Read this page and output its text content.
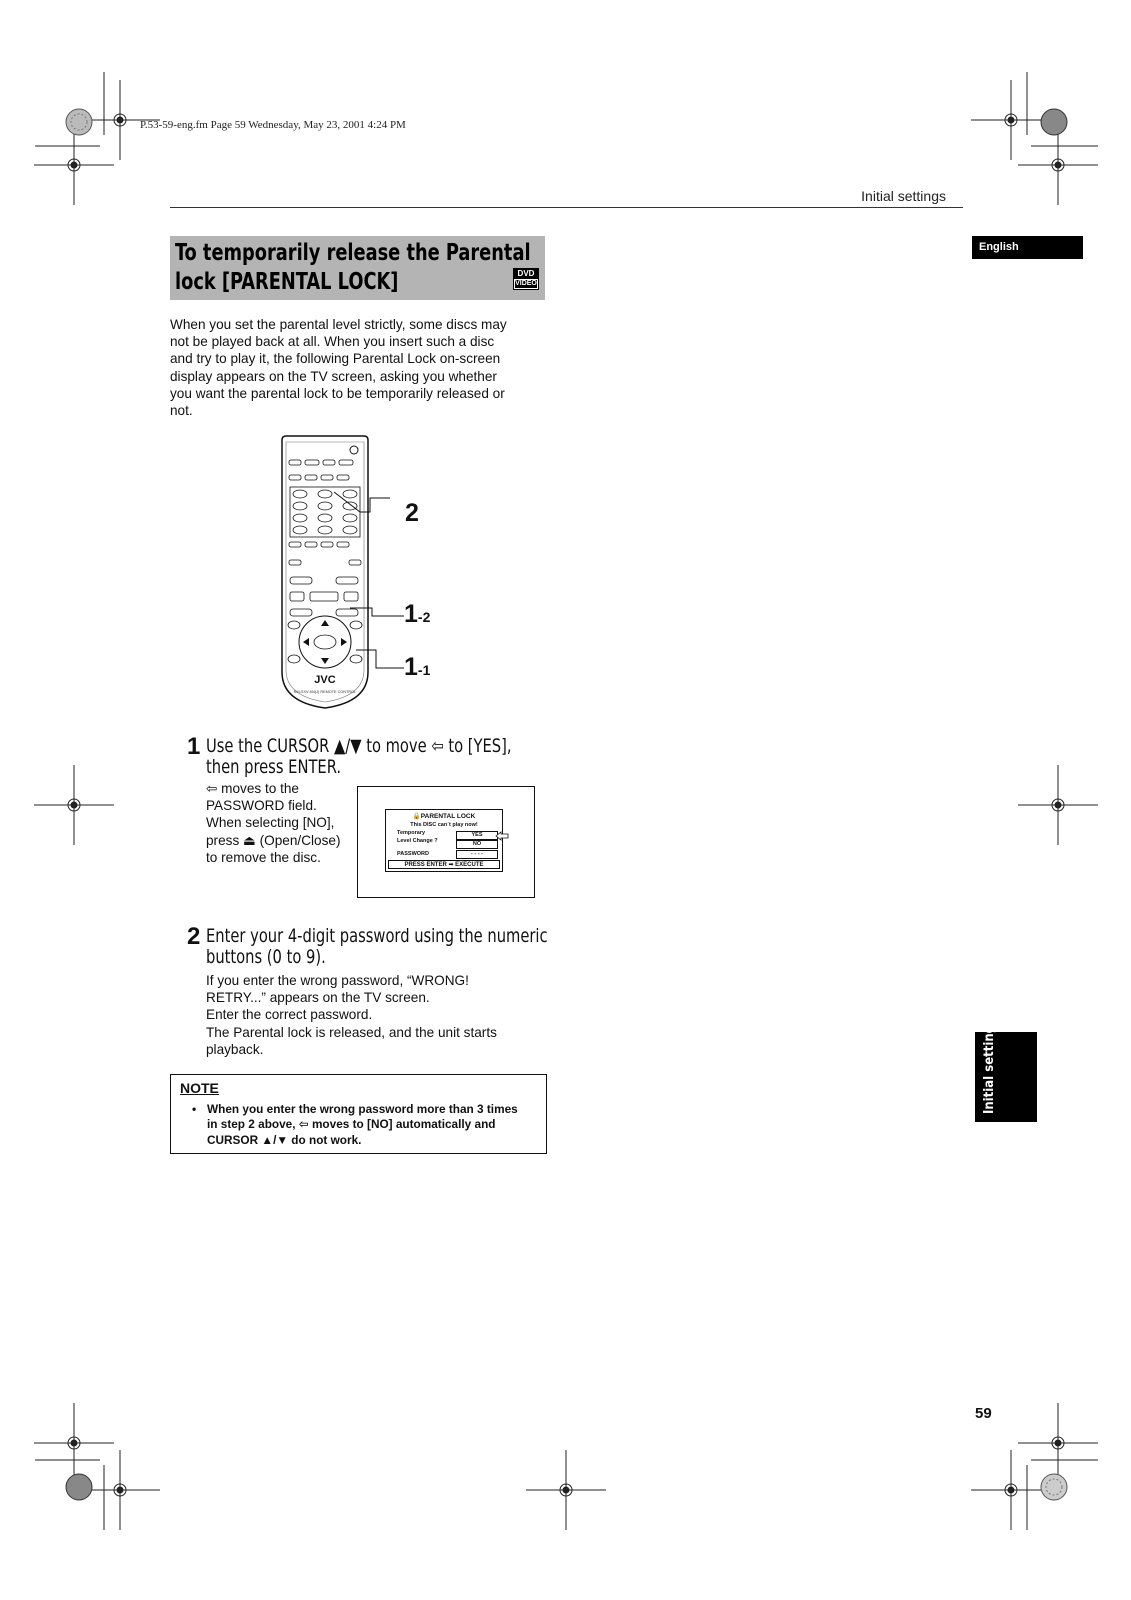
P.53-59-eng.fm Page 59 Wednesday, May 23, 2001 4:24 PM
Initial settings
English
To temporarily release the Parental
lock [PARENTAL LOCK]	DVD
VIDEO
When you set the parental level strictly, some discs may
not be played back at all. When you insert such a disc
and try to play it, the following Parental Lock on-screen
display appears on the TV screen, asking you whether
you want the parental lock to be temporarily released or
not.
JVC
RM-SXV-M4(J) REMOTE CONTROL
2
1-2
1-1
1 Use the CURSOR ▲/▼ to move ⇦ to [YES],
then press ENTER.
⇦ moves to the
PASSWORD field.
When selecting [NO],
press ⏏ (Open/Close)
to remove the disc.
🔒PARENTAL LOCK
This DISC can`t play now!
Temporary
Level Change ?
YES
NO
PASSWORD	- - - -
PRESS ENTER ➡ EXECUTE
2 Enter your 4-digit password using the numeric
buttons (0 to 9).
If you enter the wrong password, “WRONG!
RETRY...” appears on the TV screen.
Enter the correct password.
The Parental lock is released, and the unit starts
playback.
NOTE
• When you enter the wrong password more than 3 times
in step 2 above, ⇦ moves to [NO] automatically and
CURSOR ▲/▼ do not work.
Initial settings
59
